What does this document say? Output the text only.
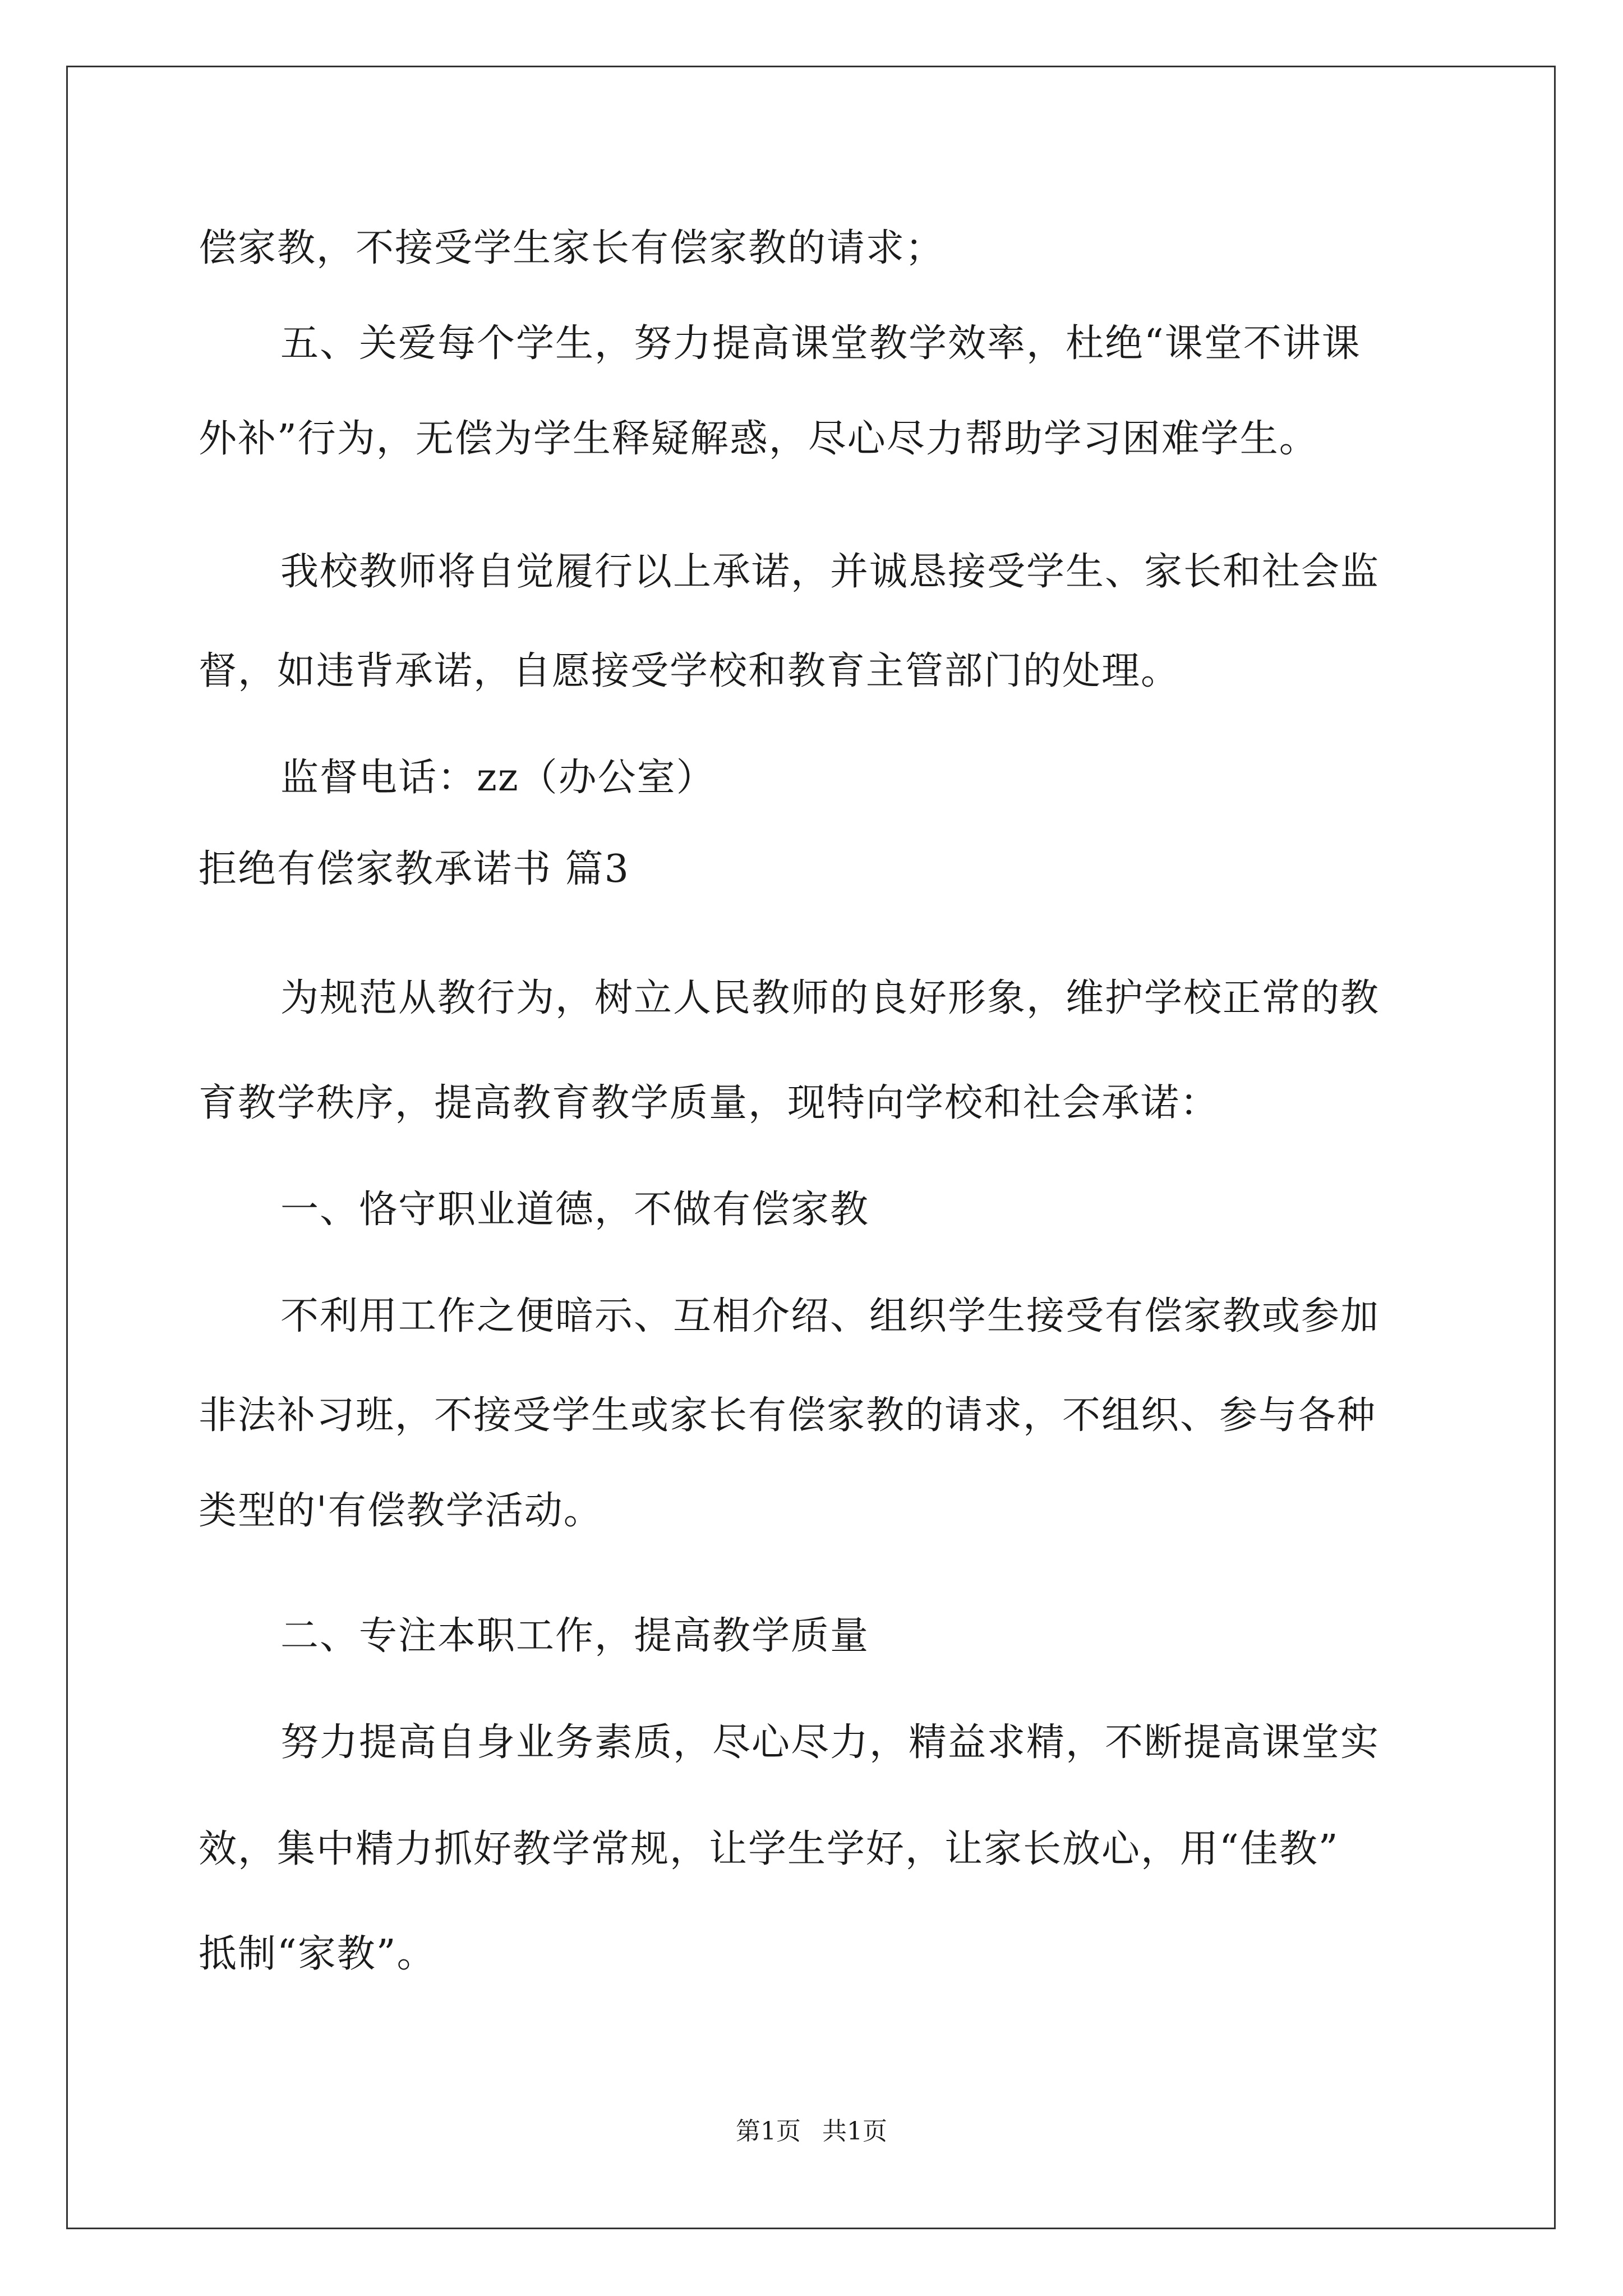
偿家教，不接受学生家长有偿家教的请求；
五、关爱每个学生，努力提高课堂教学效率，杜绝“课堂不讲课
外补”行为，无偿为学生释疑解惑，尽心尽力帮助学习困难学生。
我校教师将自觉履行以上承诺，并诚恳接受学生、家长和社会监
督，如违背承诺，自愿接受学校和教育主管部门的处理。
监督电话：zz（办公室）
拒绝有偿家教承诺书 篇3
为规范从教行为，树立人民教师的良好形象，维护学校正常的教
育教学秩序，提高教育教学质量，现特向学校和社会承诺：
一、恪守职业道德，不做有偿家教
不利用工作之便暗示、互相介绍、组织学生接受有偿家教或参加
非法补习班，不接受学生或家长有偿家教的请求，不组织、参与各种
类型的'有偿教学活动。
二、专注本职工作，提高教学质量
努力提高自身业务素质，尽心尽力，精益求精，不断提高课堂实
效，集中精力抓好教学常规，让学生学好，让家长放心，用“佳教”
抵制“家教”。
第1页 共1页
